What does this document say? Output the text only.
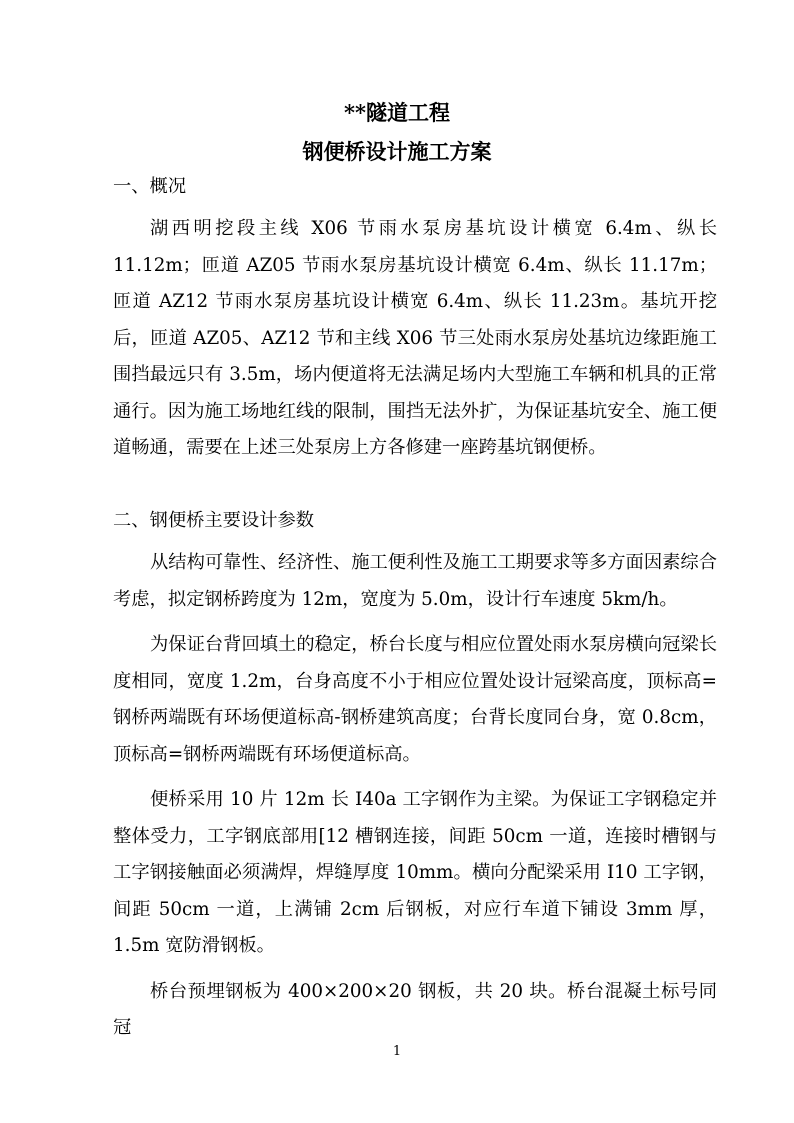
**隧道工程
钢便桥设计施工方案

一、概况

湖西明挖段主线 X06 节雨水泵房基坑设计横宽 6.4m、纵长 11.12m；匝道 AZ05 节雨水泵房基坑设计横宽 6.4m、纵长 11.17m；匝道 AZ12 节雨水泵房基坑设计横宽 6.4m、纵长 11.23m。基坑开挖后，匝道 AZ05、AZ12 节和主线 X06 节三处雨水泵房处基坑边缘距施工围挡最远只有 3.5m，场内便道将无法满足场内大型施工车辆和机具的正常通行。因为施工场地红线的限制，围挡无法外扩，为保证基坑安全、施工便道畅通，需要在上述三处泵房上方各修建一座跨基坑钢便桥。

二、钢便桥主要设计参数

从结构可靠性、经济性、施工便利性及施工工期要求等多方面因素综合考虑，拟定钢桥跨度为 12m，宽度为 5.0m，设计行车速度 5km/h。

为保证台背回填土的稳定，桥台长度与相应位置处雨水泵房横向冠梁长度相同，宽度 1.2m，台身高度不小于相应位置处设计冠梁高度，顶标高=钢桥两端既有环场便道标高-钢桥建筑高度；台背长度同台身，宽 0.8cm，顶标高=钢桥两端既有环场便道标高。

便桥采用 10 片 12m 长 I40a 工字钢作为主梁。为保证工字钢稳定并整体受力，工字钢底部用[12 槽钢连接，间距 50cm 一道，连接时槽钢与工字钢接触面必须满焊，焊缝厚度 10mm。横向分配梁采用 I10 工字钢，间距 50cm 一道，上满铺 2cm 后钢板，对应行车道下铺设 3mm 厚，1.5m 宽防滑钢板。

桥台预埋钢板为 400×200×20 钢板，共 20 块。桥台混凝土标号同冠

1
